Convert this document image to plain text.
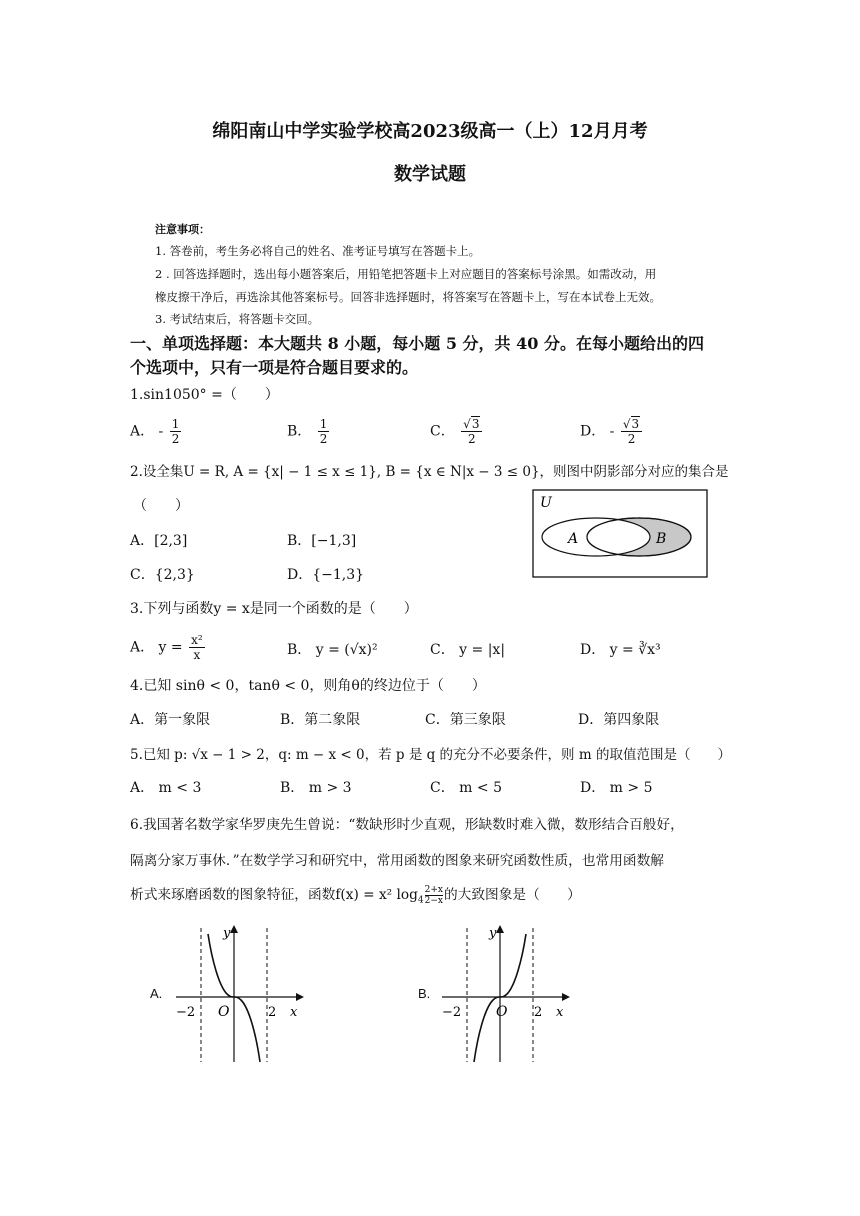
绵阳南山中学实验学校高2023级高一（上）12月月考
数学试题
注意事项：
1. 答卷前，考生务必将自己的姓名、准考证号填写在答题卡上。
2 . 回答选择题时，选出每小题答案后，用铅笔把答题卡上对应题目的答案标号涂黑。如需改动，用
橡皮擦干净后，再选涂其他答案标号。回答非选择题时，将答案写在答题卡上，写在本试卷上无效。
3. 考试结束后，将答题卡交回。
一、单项选择题：本大题共 8 小题，每小题 5 分，共 40 分。在每小题给出的四
个选项中，只有一项是符合题目要求的。
1.sin1050° =（　　）
A． - $\frac{1}{2}$	B． $\frac{1}{2}$	C． $\frac{√3}{2}$	D． - $\frac{√3}{2}$
2.设全集U = R, A = {x| − 1 ≤ x ≤ 1}, B = {x ∈ N|x − 3 ≤ 0}，则图中阴影部分对应的集合是
（　　）
A．[2,3]	B．[−1,3]
C．{2,3}	D．{−1,3}
U
A	B
3.下列与函数y = x是同一个函数的是（　　）
A． $y = \frac{\text{x²}}{x}$	B． y = (√x)²	C． y = |x|	D． y = ∛x³
4.已知 sinθ < 0，tanθ < 0，则角θ的终边位于（　　）
A．第一象限	B．第二象限	C．第三象限	D．第四象限
5.已知 p: √x − 1 > 2，q: m − x < 0，若 p 是 q 的充分不必要条件，则 m 的取值范围是（　　）
A． m < 3	B． m > 3	C． m < 5	D． m > 5
6.我国著名数学家华罗庚先生曾说：“数缺形时少直观，形缺数时难入微，数形结合百般好，
隔离分家万事休．”在数学学习和研究中，常用函数的图象来研究函数性质，也常用函数解
析式来琢磨函数的图象特征，函数f(x) = x² $\log_4 \frac{2+x}{2-x}$ 的大致图象是（　　）
A.
y
x
O
−2	2
B.
y
x
O
−2	2
